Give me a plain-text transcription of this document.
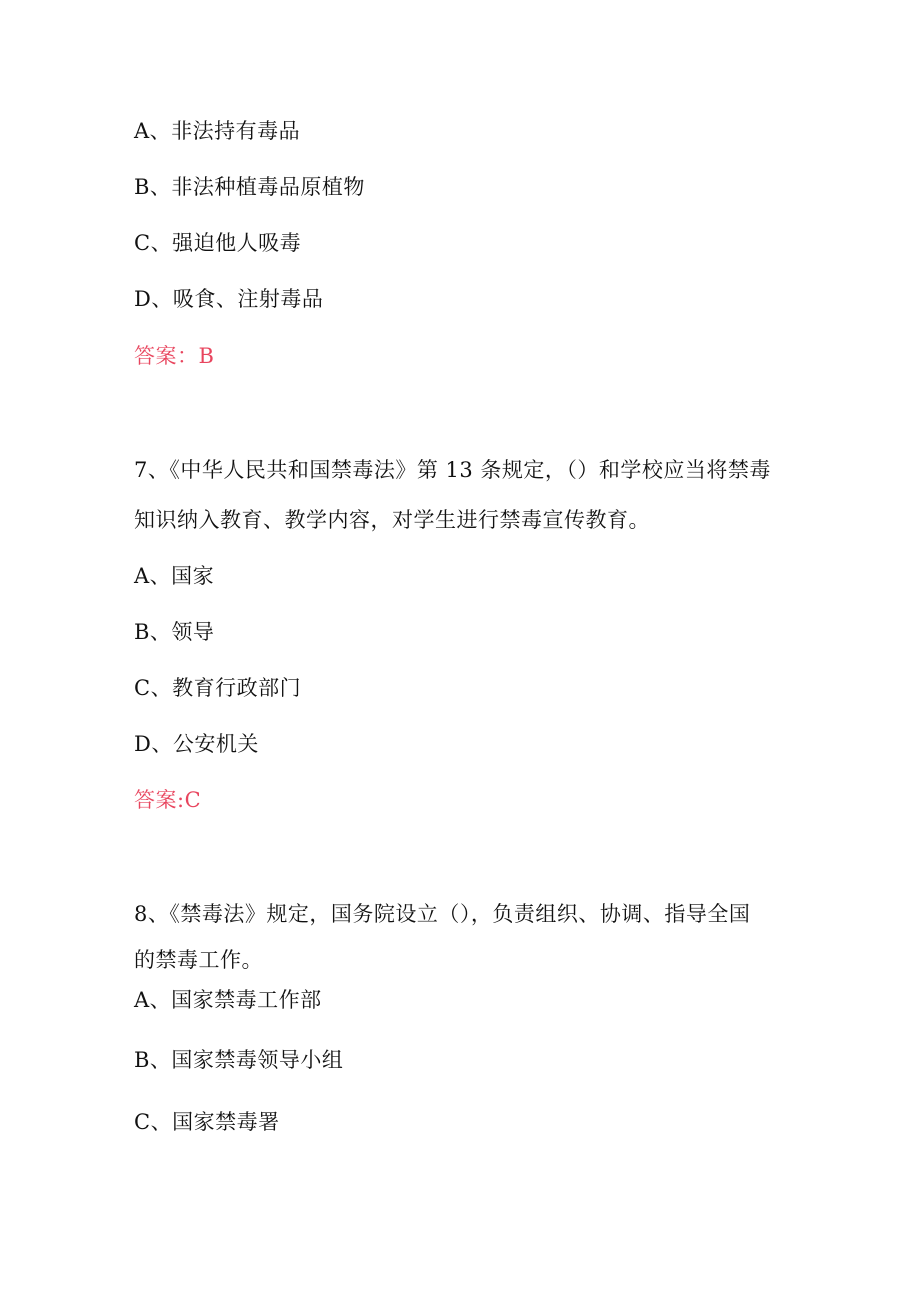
A、非法持有毒品
B、非法种植毒品原植物
C、强迫他人吸毒
D、吸食、注射毒品
答案：B
7、《中华人民共和国禁毒法》第 13 条规定，（）和学校应当将禁毒
知识纳入教育、教学内容，对学生进行禁毒宣传教育。
A、国家
B、领导
C、教育行政部门
D、公安机关
答案:C
8、《禁毒法》规定，国务院设立（），负责组织、协调、指导全国
的禁毒工作。
A、国家禁毒工作部
B、国家禁毒领导小组
C、国家禁毒署
